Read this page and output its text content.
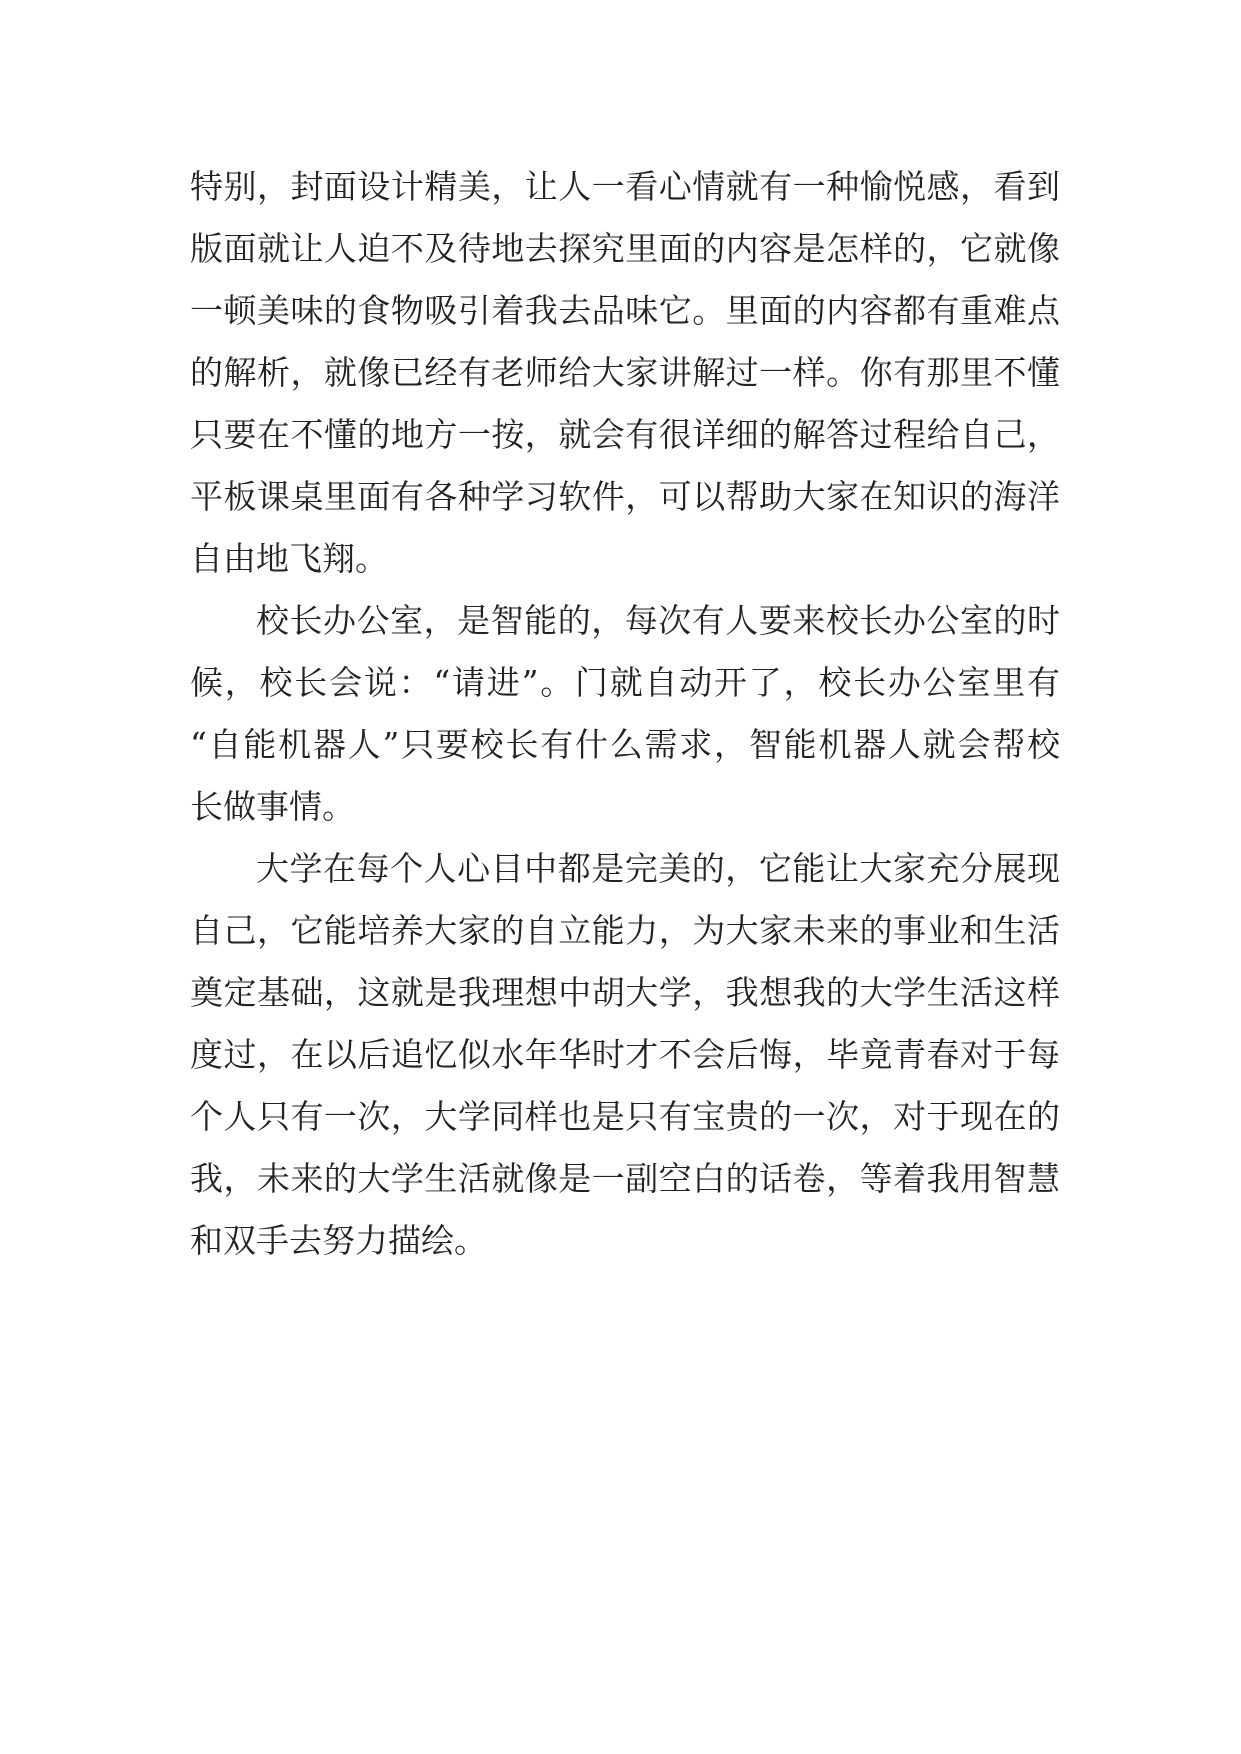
特别，封面设计精美，让人一看心情就有一种愉悦感，看到
版面就让人迫不及待地去探究里面的内容是怎样的，它就像
一顿美味的食物吸引着我去品味它。里面的内容都有重难点
的解析，就像已经有老师给大家讲解过一样。你有那里不懂
只要在不懂的地方一按，就会有很详细的解答过程给自己，
平板课桌里面有各种学习软件，可以帮助大家在知识的海洋
自由地飞翔。
校长办公室，是智能的，每次有人要来校长办公室的时
候，校长会说：“请进”。门就自动开了，校长办公室里有
“自能机器人”只要校长有什么需求，智能机器人就会帮校
长做事情。
大学在每个人心目中都是完美的，它能让大家充分展现
自己，它能培养大家的自立能力，为大家未来的事业和生活
奠定基础，这就是我理想中胡大学，我想我的大学生活这样
度过，在以后追忆似水年华时才不会后悔，毕竟青春对于每
个人只有一次，大学同样也是只有宝贵的一次，对于现在的
我，未来的大学生活就像是一副空白的话卷，等着我用智慧
和双手去努力描绘。
